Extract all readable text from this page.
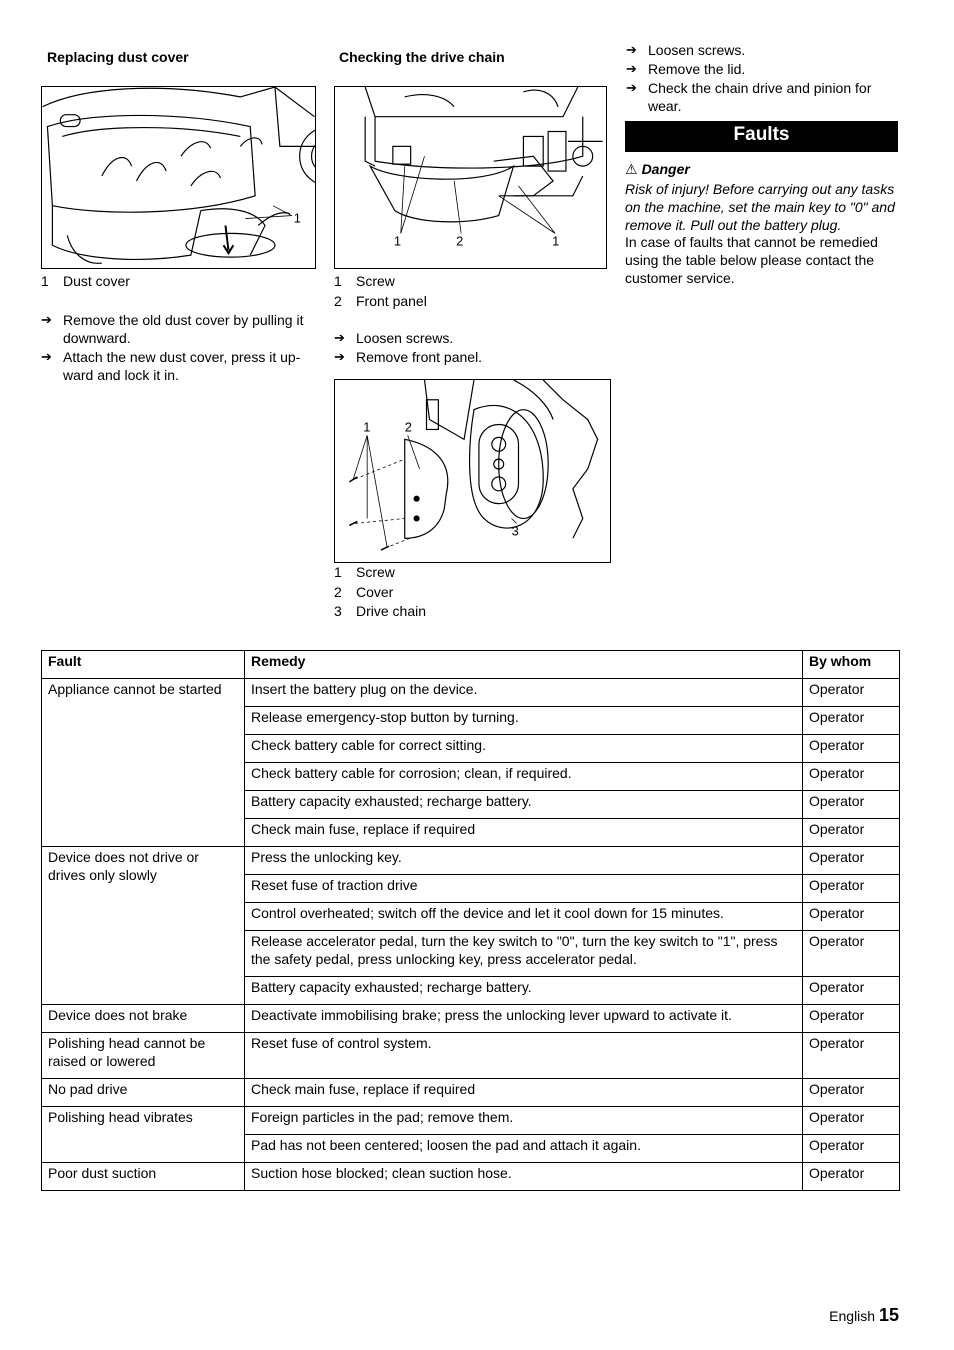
Replacing dust cover
1
1	Dust cover
➔ Remove the old dust cover by pulling it downward.
➔ Attach the new dust cover, press it up-ward and lock it in.
Checking the drive chain
1	2	1
1	Screw
2	Front panel
➔ Loosen screws.
➔ Remove front panel.
1	2
3
1	Screw
2	Cover
3	Drive chain
➔ Loosen screws.
➔ Remove the lid.
➔ Check the chain drive and pinion for wear.
Faults
⚠ Danger
Risk of injury! Before carrying out any tasks on the machine, set the main key to "0" and remove it. Pull out the battery plug.
In case of faults that cannot be remedied using the table below please contact the customer service.
Fault	Remedy	By whom
Appliance cannot be started	Insert the battery plug on the device.	Operator
	Release emergency-stop button by turning.	Operator
	Check battery cable for correct sitting.	Operator
	Check battery cable for corrosion; clean, if required.	Operator
	Battery capacity exhausted; recharge battery.	Operator
	Check main fuse, replace if required	Operator
Device does not drive or drives only slowly	Press the unlocking key.	Operator
	Reset fuse of traction drive	Operator
	Control overheated; switch off the device and let it cool down for 15 minutes.	Operator
	Release accelerator pedal, turn the key switch to "0", turn the key switch to "1", press the safety pedal, press unlocking key, press accelerator pedal.	Operator
	Battery capacity exhausted; recharge battery.	Operator
Device does not brake	Deactivate immobilising brake; press the unlocking lever upward to activate it.	Operator
Polishing head cannot be raised or lowered	Reset fuse of control system.	Operator
No pad drive	Check main fuse, replace if required	Operator
Polishing head vibrates	Foreign particles in the pad; remove them.	Operator
	Pad has not been centered; loosen the pad and attach it again.	Operator
Poor dust suction	Suction hose blocked; clean suction hose.	Operator
English 15
